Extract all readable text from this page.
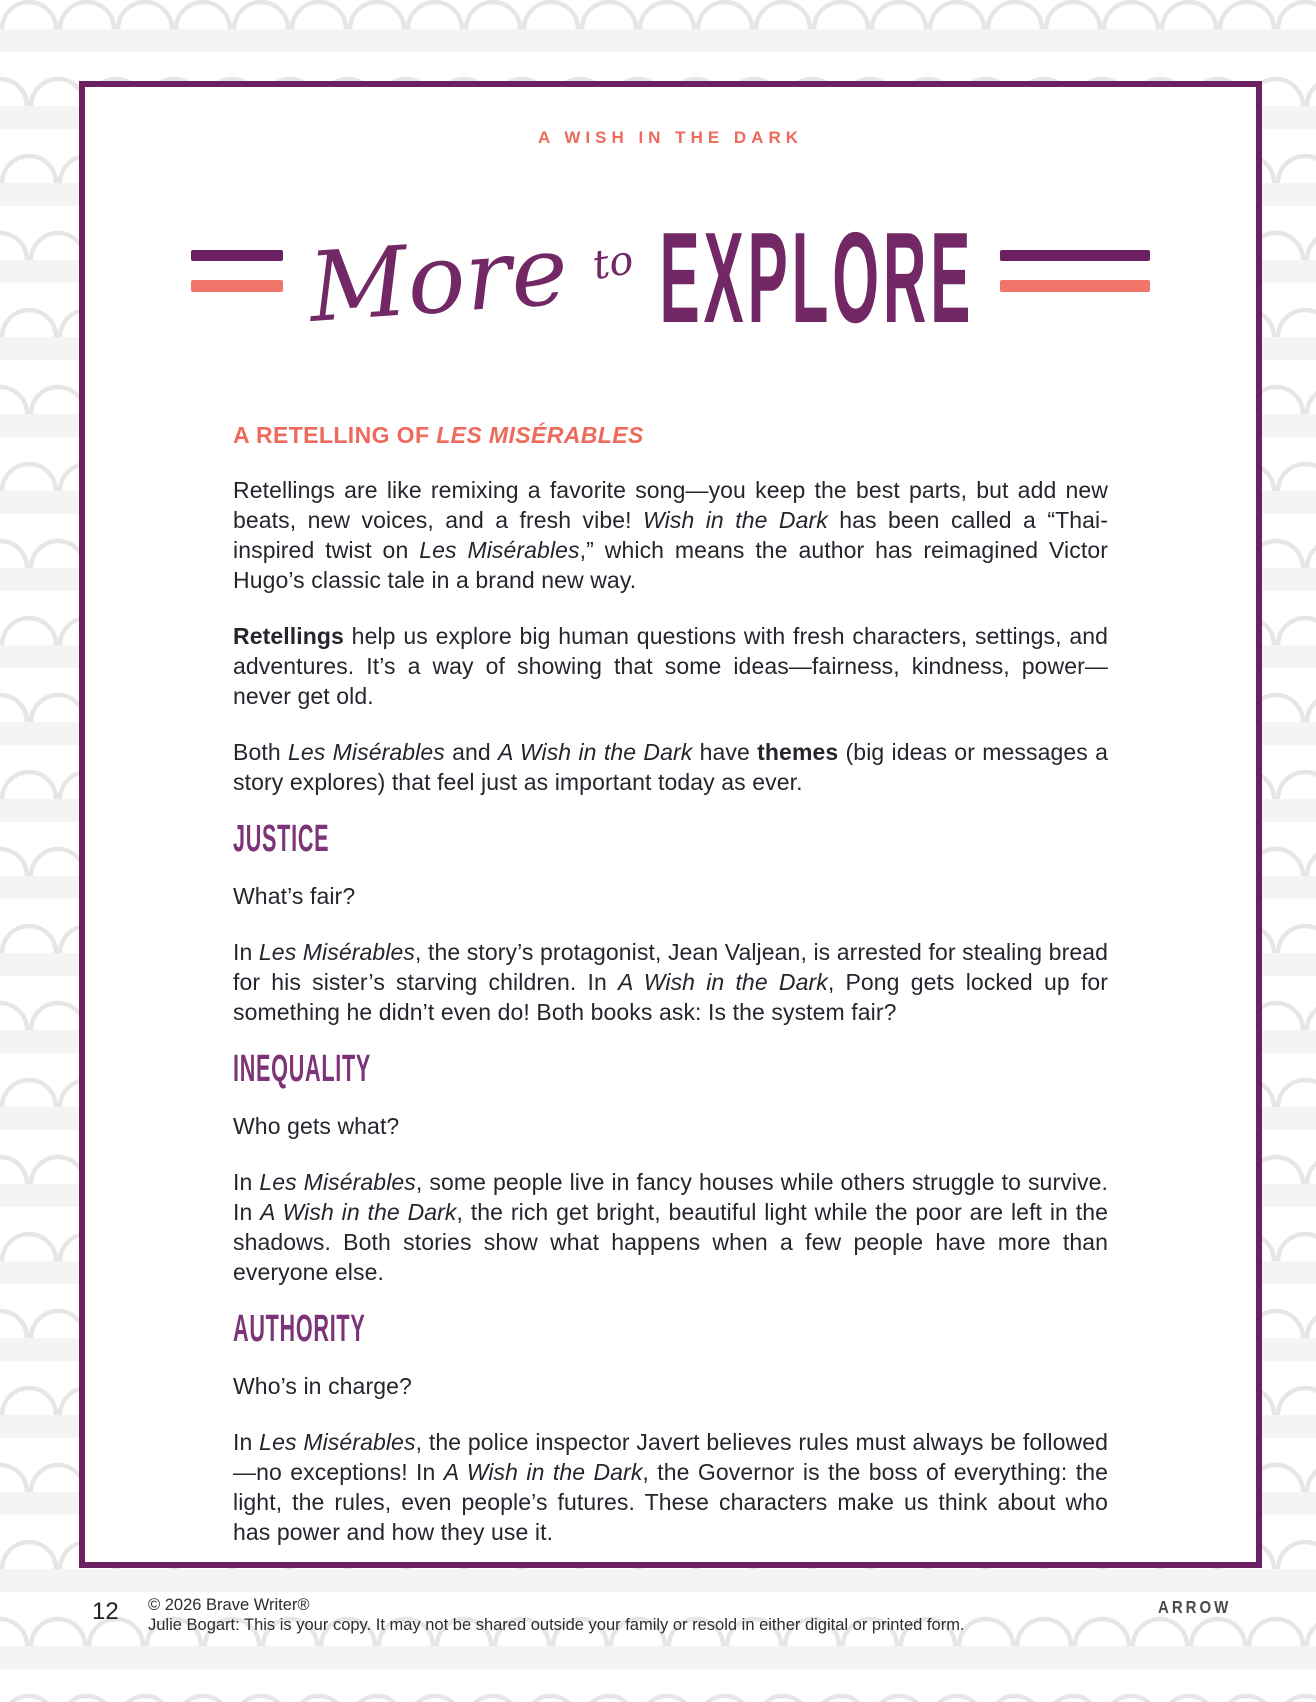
A WISH IN THE DARK
More to EXPLORE
A RETELLING OF LES MISÉRABLES

Retellings are like remixing a favorite song—you keep the best parts, but add new beats, new voices, and a fresh vibe! Wish in the Dark has been called a “Thai-inspired twist on Les Misérables,” which means the author has reimagined Victor Hugo’s classic tale in a brand new way.

Retellings help us explore big human questions with fresh characters, settings, and adventures. It’s a way of showing that some ideas—fairness, kindness, power—never get old.

Both Les Misérables and A Wish in the Dark have themes (big ideas or messages a story explores) that feel just as important today as ever.

JUSTICE

What’s fair?

In Les Misérables, the story’s protagonist, Jean Valjean, is arrested for stealing bread for his sister’s starving children. In A Wish in the Dark, Pong gets locked up for something he didn’t even do! Both books ask: Is the system fair?

INEQUALITY

Who gets what?

In Les Misérables, some people live in fancy houses while others struggle to survive. In A Wish in the Dark, the rich get bright, beautiful light while the poor are left in the shadows. Both stories show what happens when a few people have more than everyone else.

AUTHORITY

Who’s in charge?

In Les Misérables, the police inspector Javert believes rules must always be followed—no exceptions! In A Wish in the Dark, the Governor is the boss of everything: the light, the rules, even people’s futures. These characters make us think about who has power and how they use it.

12 © 2026 Brave Writer®
Julie Bogart: This is your copy. It may not be shared outside your family or resold in either digital or printed form.
ARROW
